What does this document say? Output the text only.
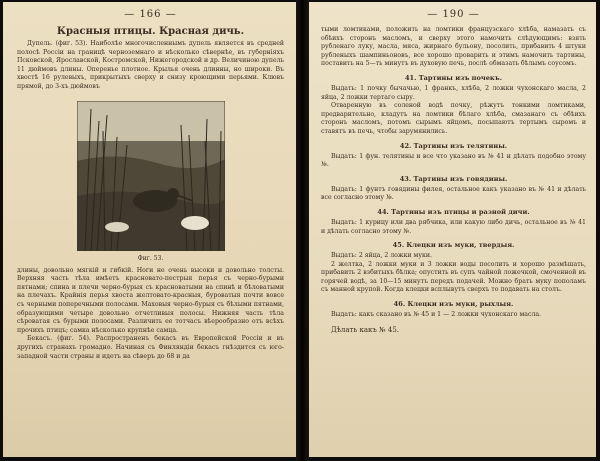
— 166 —
Красныя птицы. Красная дичь.

Дупель. (фиг. 53). Наиболѣе многочисленнымъ дупель является въ средней полосѣ Россіи на границѣ черноземнаго и нѣсколько сѣвернѣе, въ губерніяхъ Псковской, Ярославской, Костромской, Нижегородской и др. Величиною дупель 11 дюймовъ длины. Оперенье плотное. Крылья очень длинны, но широки. Въ хвостѣ 16 рулевыхъ, прикрытыхъ сверху и снизу кроющими перьями. Клювъ прямой, до 3-хъ дюймовъ

Фиг. 53.

длины, довольно мягкій и гибкій. Ноги не очень высоки и довольно толсты. Верхняя часть тѣла имѣетъ красновато-пестрыя перья съ черно-бурыми пятнами; спина и плечи черно-бурыя съ красноватыми на спинѣ и бѣловатыми на плечахъ. Крайнія перья хвоста желтовато-красныя, буроватыя почти вовсе съ черными поперечными полосами. Маховыя черно-бурыя съ бѣлыми пятнами, образующими четыре довольно отчетливыя полосы. Нижняя часть тѣла сѣроватая съ бурыми полосами. Различить ее тотчасъ вѣерообразно отъ всѣхъ прочихъ птицъ; самка нѣсколько крупнѣе самца.

Бекасъ. (фиг. 54). Распространенъ бекасъ въ Европейской Россіи и въ другихъ странахъ громадно. Начиная съ Финляндіи бекасъ гнѣздится съ юго-западной части страны и идетъ на сѣверъ до 68 и да

— 190 —

тыми ломтиками, положить на ломтики французскаго хлѣба, намазать съ обѣихъ сторонъ масломъ, и сверху этого намочить слѣдующимъ: взять рубленаго луку, масла, мяса, жирнаго бульону, посолить, прибавить 4 штуки рубленыхъ шампиньоновъ, все хорошо проварить и этимъ намочить тартины, поставить на 5—ть минутъ въ духовую печь, послѣ обмазать бѣлымъ соусомъ.

41. Тартины изъ почекъ.

Выдать: 1 почку бычачью, 1 франкъ, хлѣба, 2 ложки чухонскаго масла, 2 яйца, 2 ложки тертаго сыру.

Отваренную въ соленой водѣ почку, рѣжутъ тонкими ломтиками, предварительно, кладутъ на ломтики бѣлаго хлѣба, смазанаго съ обѣихъ сторонъ масломъ, потомъ сырымъ яйцомъ, посыпаютъ тертымъ сыромъ и ставятъ въ печь, чтобы зарумянились.

42. Тартины изъ телятины.

Выдать: 1 фун. телятины и все что указано въ № 41 и дѣлать подобно этому №.

43. Тартины изъ говядины.

Выдать: 1 фунтъ говядины филея, остальное какъ указано въ № 41 и дѣлать все согласно этому №.

44. Тартины изъ птицы и разной дичи.

Выдать: 1 курицу или два рябчика, или какую либо дичь, остальное въ № 41 и дѣлать согласно этому №.

45. Клецки изъ муки, твердыя.

Выдать: 2 яйца, 2 ложки муки.

2 желтка, 2 ложки муки и 3 ложки воды посолить и хорошо размѣшать, прибавить 2 взбитыхъ бѣлка; опустить въ супъ чайной ложечкой, смоченной въ горячей водѣ, за 10—15 минутъ передъ подачей. Можно брать муку пополамъ съ манной крупой. Когда клецки всплывутъ сверхъ то подавать на столъ.

46. Клецки изъ муки, рыхлыя.

Выдать: какъ сказано въ № 45 и 1 — 2 ложки чухонскаго масла.

Дѣлать какъ № 45.
